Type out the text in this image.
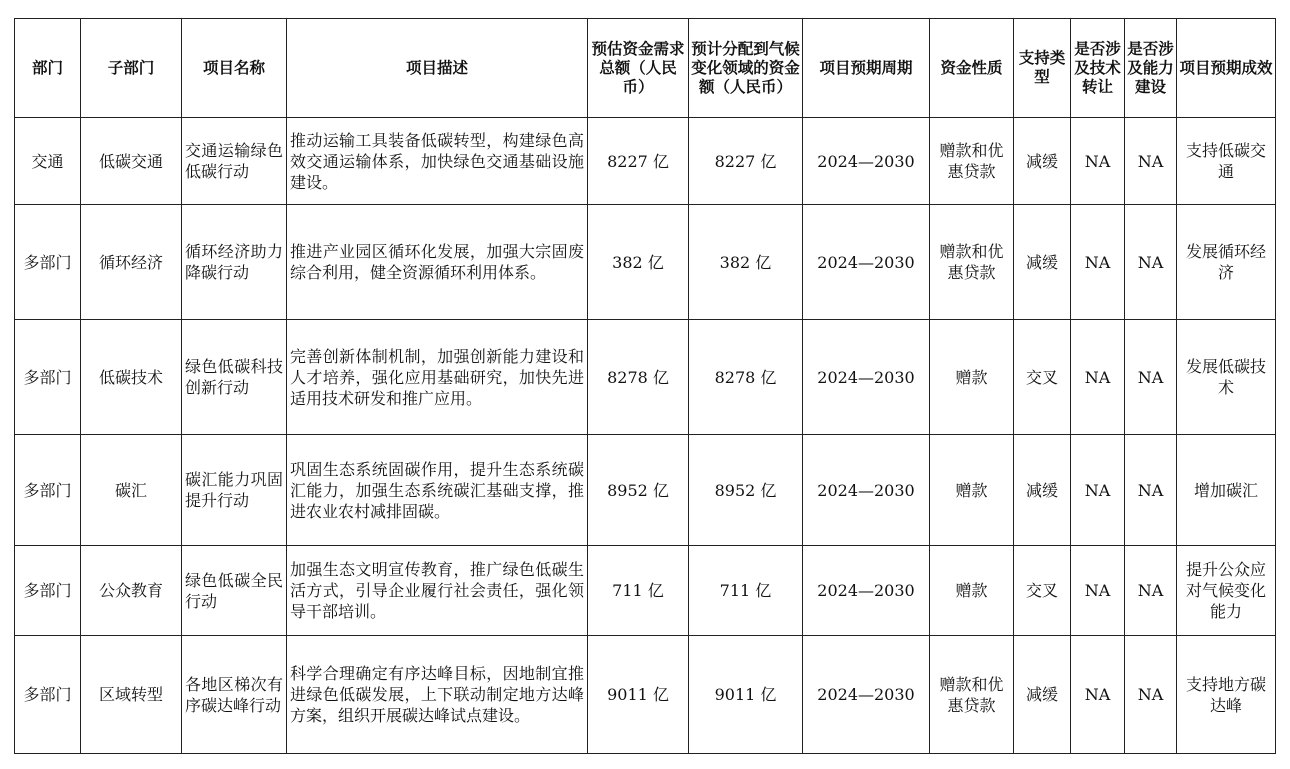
部门	子部门	项目名称	项目描述	预估资金需求总额（人民币）	预计分配到气候变化领域的资金额（人民币）	项目预期周期	资金性质	支持类型	是否涉及技术转让	是否涉及能力建设	项目预期成效
交通	低碳交通	交通运输绿色低碳行动	推动运输工具装备低碳转型，构建绿色高效交通运输体系，加快绿色交通基础设施建设。	8227 亿	8227 亿	2024—2030	赠款和优惠贷款	减缓	NA	NA	支持低碳交通
多部门	循环经济	循环经济助力降碳行动	推进产业园区循环化发展，加强大宗固废综合利用，健全资源循环利用体系。	382 亿	382 亿	2024—2030	赠款和优惠贷款	减缓	NA	NA	发展循环经济
多部门	低碳技术	绿色低碳科技创新行动	完善创新体制机制，加强创新能力建设和人才培养，强化应用基础研究，加快先进适用技术研发和推广应用。	8278 亿	8278 亿	2024—2030	赠款	交叉	NA	NA	发展低碳技术
多部门	碳汇	碳汇能力巩固提升行动	巩固生态系统固碳作用，提升生态系统碳汇能力，加强生态系统碳汇基础支撑，推进农业农村减排固碳。	8952 亿	8952 亿	2024—2030	赠款	减缓	NA	NA	增加碳汇
多部门	公众教育	绿色低碳全民行动	加强生态文明宣传教育，推广绿色低碳生活方式，引导企业履行社会责任，强化领导干部培训。	711 亿	711 亿	2024—2030	赠款	交叉	NA	NA	提升公众应对气候变化能力
多部门	区域转型	各地区梯次有序碳达峰行动	科学合理确定有序达峰目标，因地制宜推进绿色低碳发展，上下联动制定地方达峰方案，组织开展碳达峰试点建设。	9011 亿	9011 亿	2024—2030	赠款和优惠贷款	减缓	NA	NA	支持地方碳达峰
